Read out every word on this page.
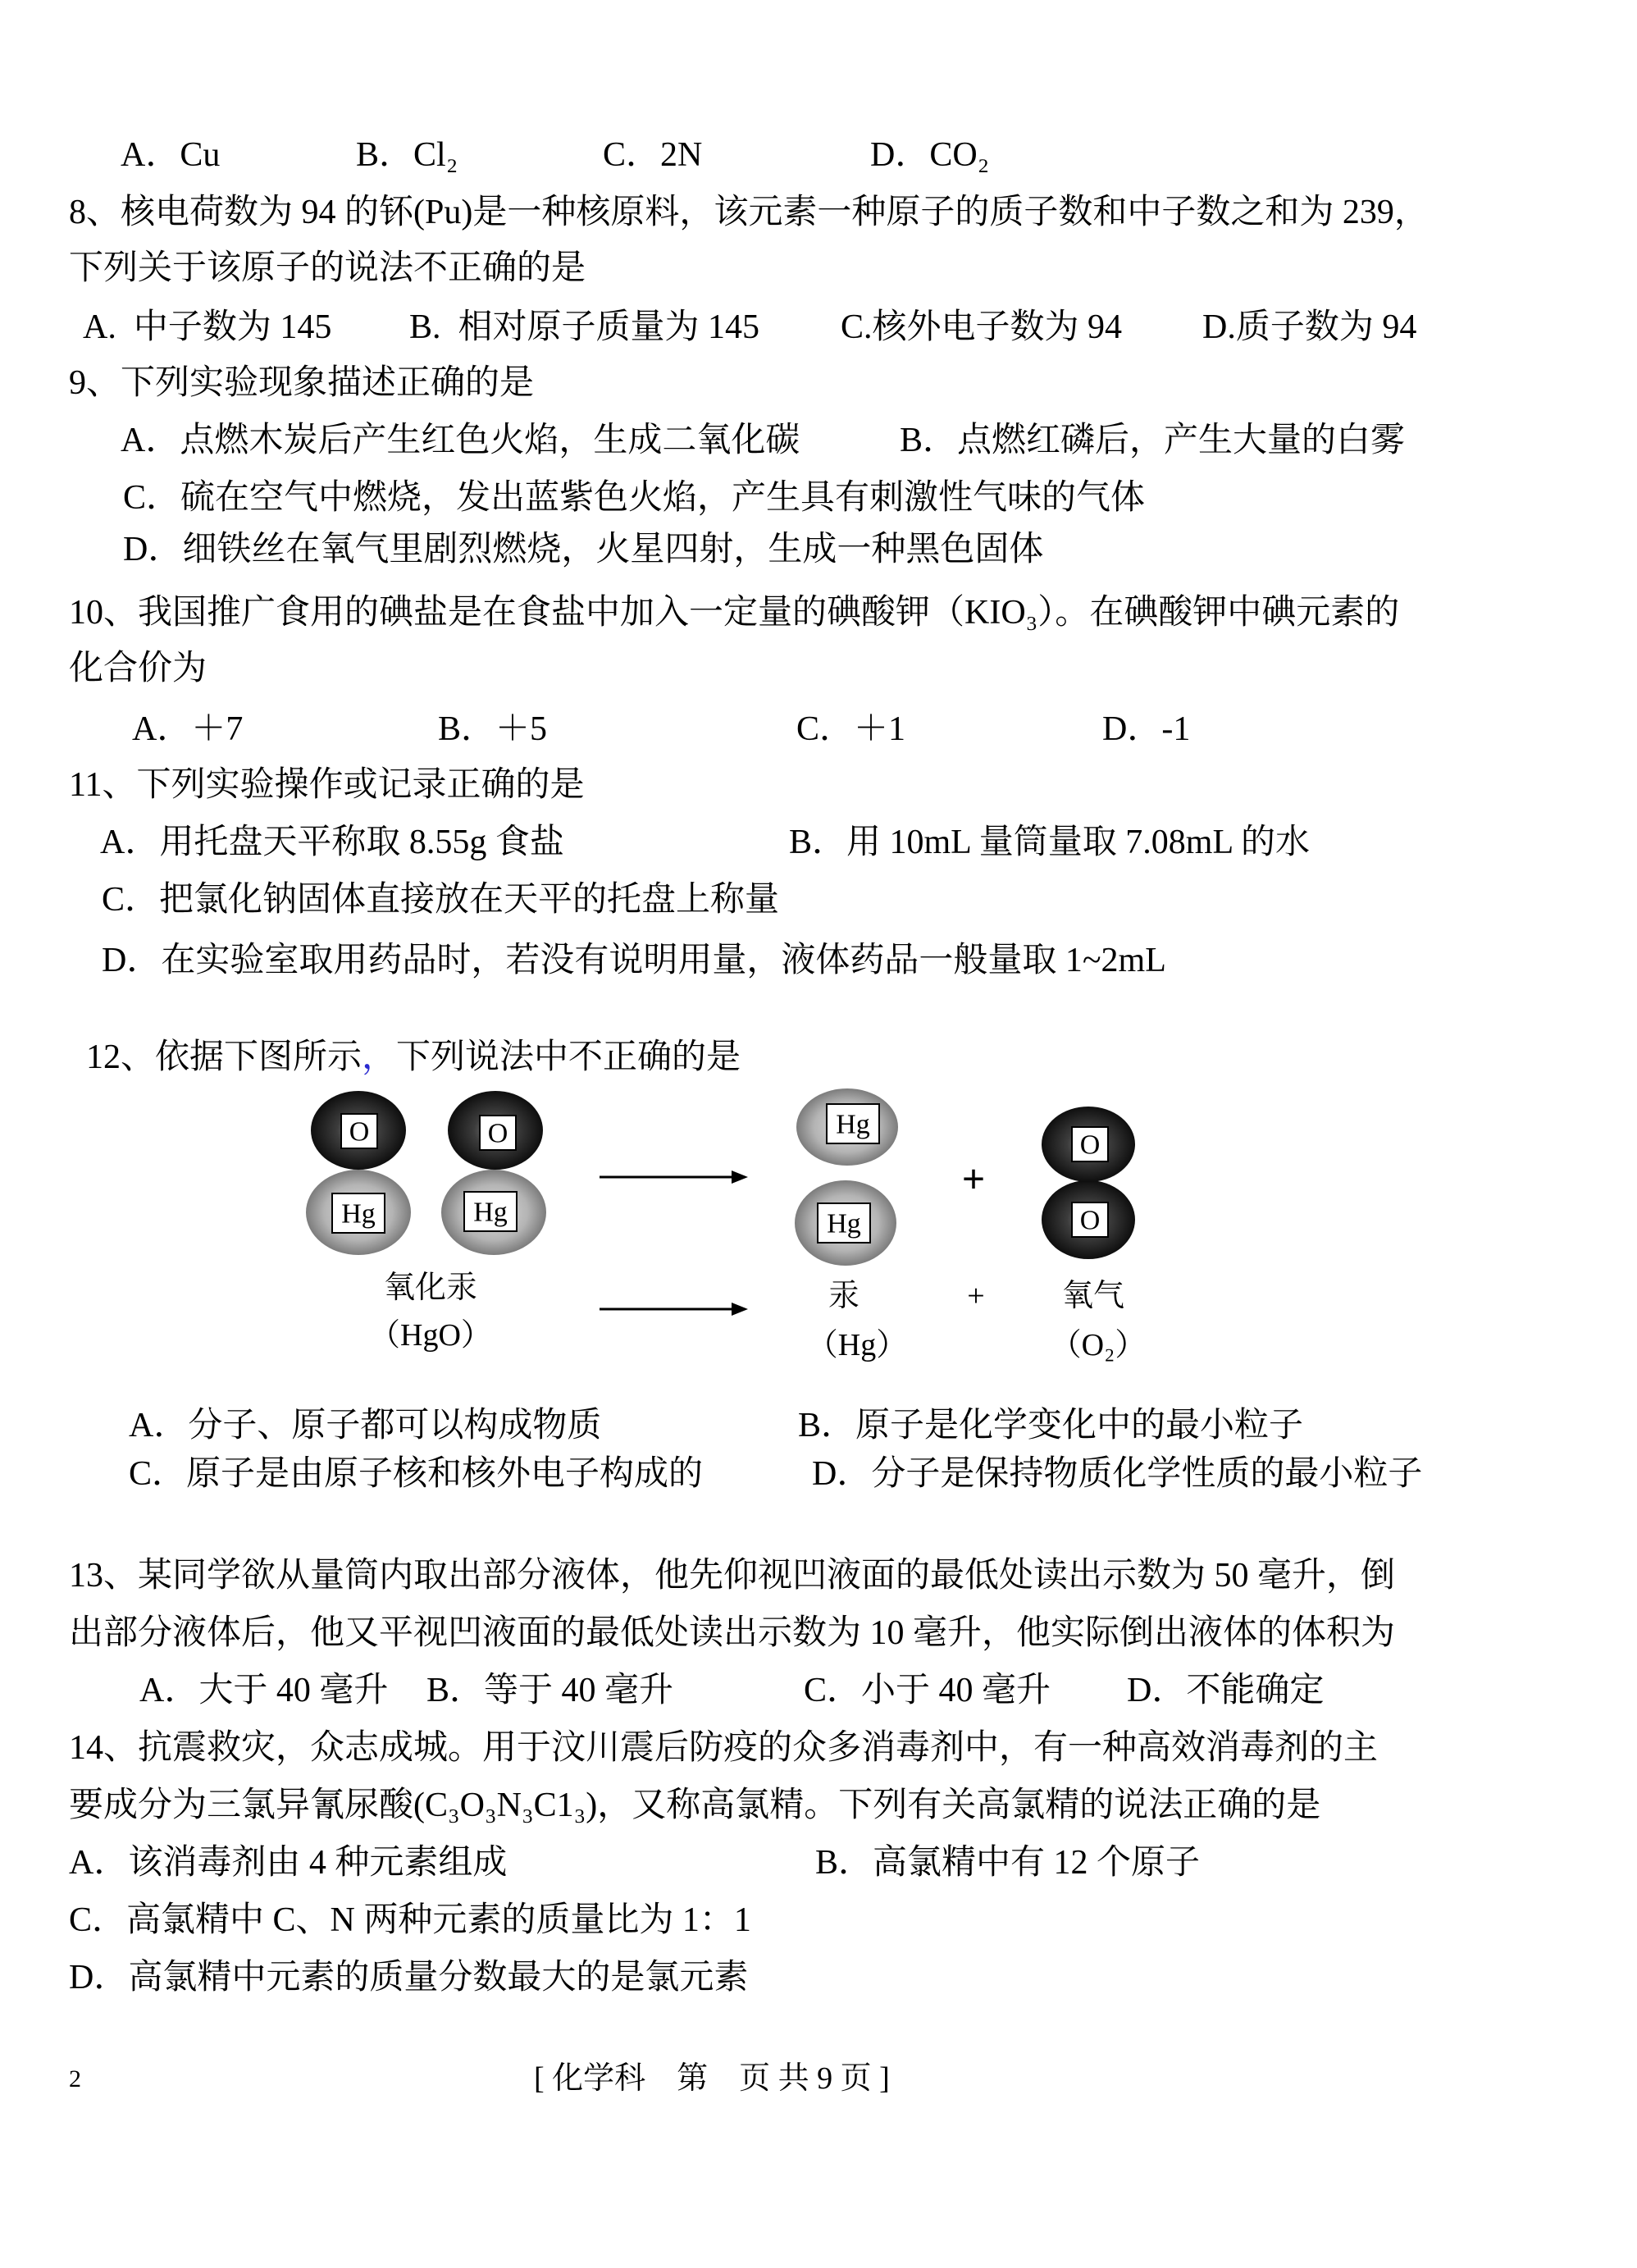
A．Cu	B．Cl₂	C．2N	D．CO₂
8、核电荷数为 94 的钚(Pu)是一种核原料，该元素一种原子的质子数和中子数之和为 239，
下列关于该原子的说法不正确的是
A.  中子数为 145 B.  相对原子质量为 145 C.核外电子数为 94 D.质子数为 94
9、下列实验现象描述正确的是
A．点燃木炭后产生红色火焰，生成二氧化碳	B．点燃红磷后，产生大量的白雾
C．硫在空气中燃烧，发出蓝紫色火焰，产生具有刺激性气味的气体
D．细铁丝在氧气里剧烈燃烧，火星四射，生成一种黑色固体
10、我国推广食用的碘盐是在食盐中加入一定量的碘酸钾（KIO₃）。在碘酸钾中碘元素的
化合价为
A．＋7	B．＋5	C．＋1	D．-1
11、下列实验操作或记录正确的是
A．用托盘天平称取 8.55g 食盐	B．用 10mL 量筒量取 7.08mL 的水
C．把氯化钠固体直接放在天平的托盘上称量
D．在实验室取用药品时，若没有说明用量，液体药品一般量取 1~2mL

12、依据下图所示，下列说法中不正确的是

O
Hg
O
Hg
Hg
Hg
+
O
O
氧化汞
（HgO）
汞
（Hg）
+ 氧气
（O₂）
A．分子、原子都可以构成物质	B．原子是化学变化中的最小粒子
C．原子是由原子核和核外电子构成的	D．分子是保持物质化学性质的最小粒子
13、某同学欲从量筒内取出部分液体，他先仰视凹液面的最低处读出示数为 50 毫升，倒
出部分液体后，他又平视凹液面的最低处读出示数为 10 毫升，他实际倒出液体的体积为
A．大于 40 毫升 B．等于 40 毫升	C．小于 40 毫升 D．不能确定
14、抗震救灾，众志成城。用于汶川震后防疫的众多消毒剂中，有一种高效消毒剂的主
要成分为三氯异氰尿酸(C₃O₃N₃C1₃)，又称高氯精。下列有关高氯精的说法正确的是
A．该消毒剂由 4 种元素组成	B．高氯精中有 12 个原子
C．高氯精中 C、N 两种元素的质量比为 1：1
D．高氯精中元素的质量分数最大的是氯元素
2	[ 化学科　第　页 共 9 页 ]
